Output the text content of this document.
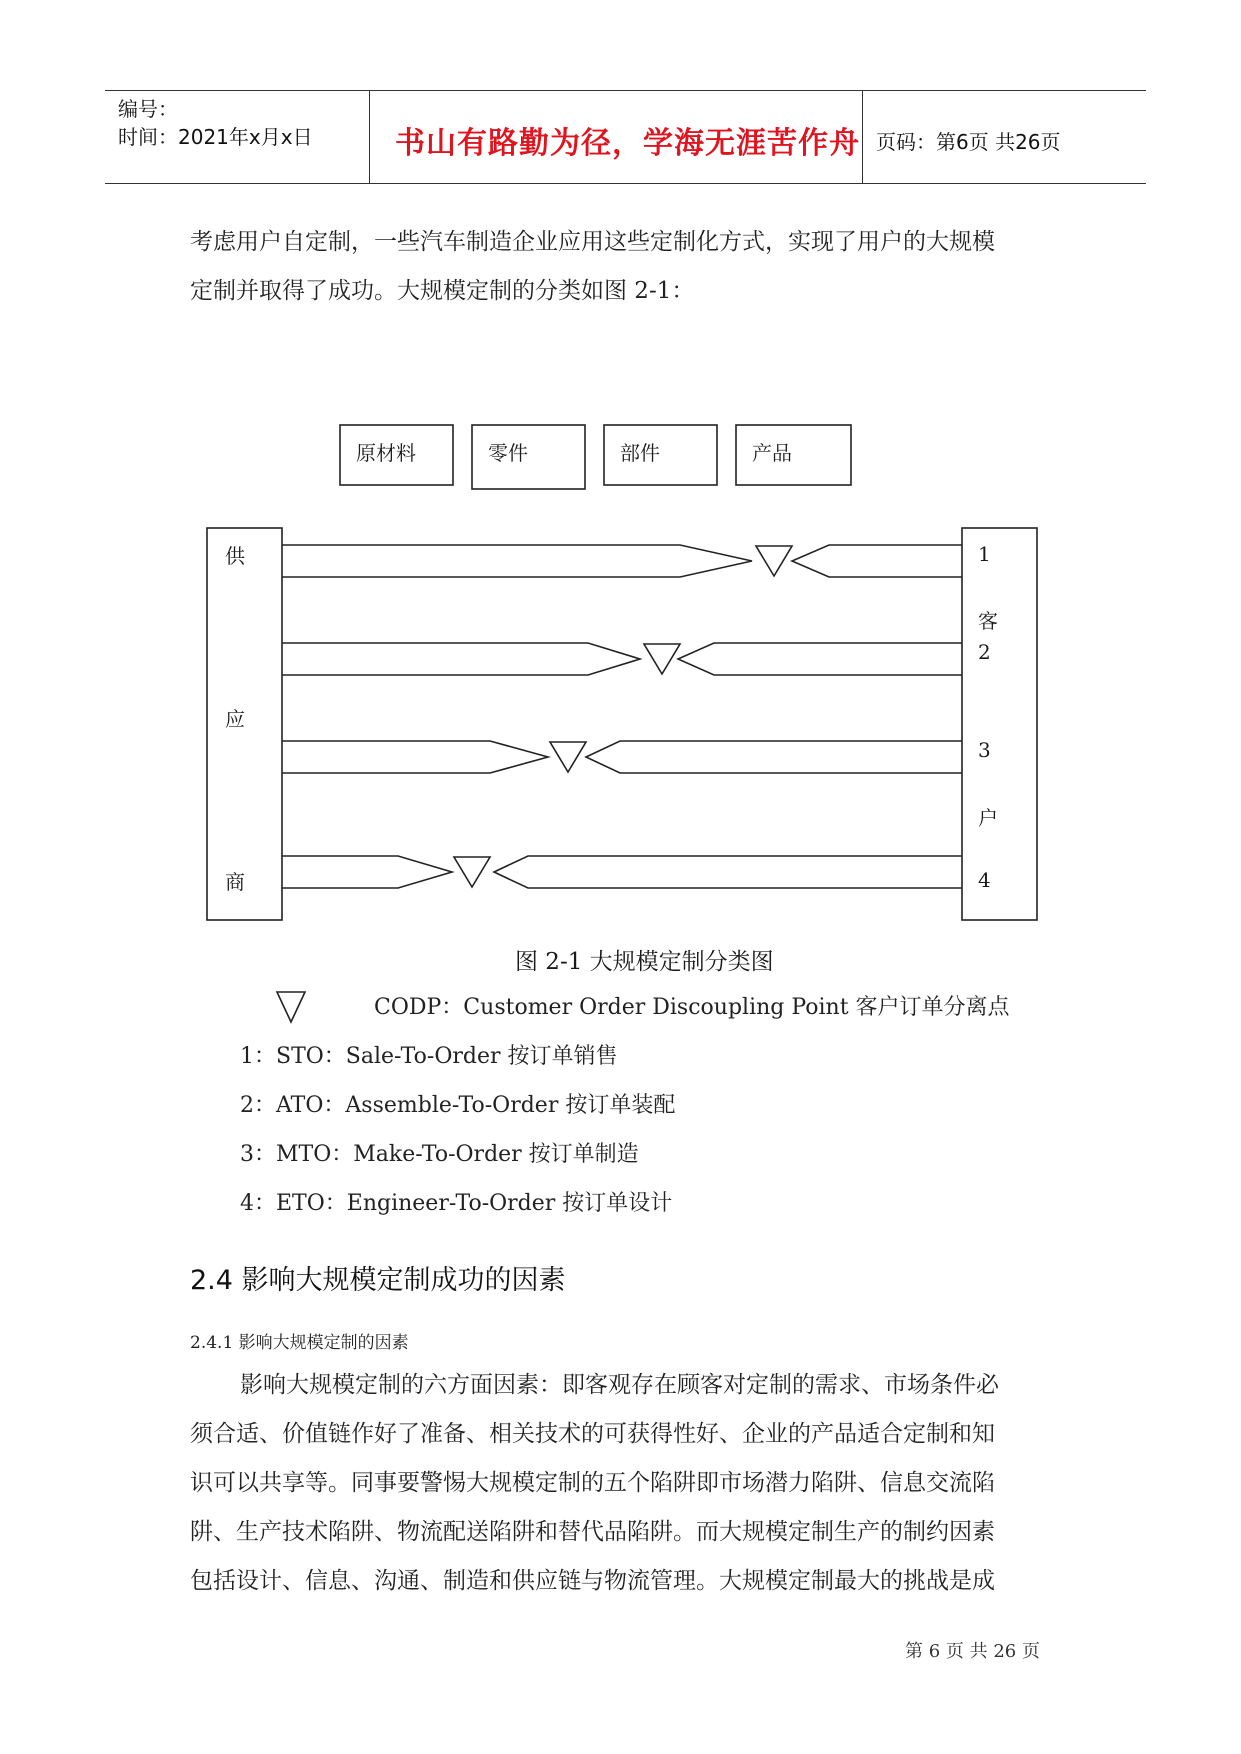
编号：
时间：2021年x月x日	书山有路勤为径，学海无涯苦作舟 页码：第6页 共26页
考虑用户自定制，一些汽车制造企业应用这些定制化方式，实现了用户的大规模
定制并取得了成功。大规模定制的分类如图 2-1：
原材料	零件	部件	产品
供
应
商
1
客
2
3
户
4
图 2-1 大规模定制分类图
CODP：Customer Order Discoupling Point 客户订单分离点
1：STO：Sale-To-Order 按订单销售
2：ATO：Assemble-To-Order 按订单装配
3：MTO：Make-To-Order 按订单制造
4：ETO：Engineer-To-Order 按订单设计
2.4 影响大规模定制成功的因素
2.4.1 影响大规模定制的因素
影响大规模定制的六方面因素：即客观存在顾客对定制的需求、市场条件必
须合适、价值链作好了准备、相关技术的可获得性好、企业的产品适合定制和知
识可以共享等。同事要警惕大规模定制的五个陷阱即市场潜力陷阱、信息交流陷
阱、生产技术陷阱、物流配送陷阱和替代品陷阱。而大规模定制生产的制约因素
包括设计、信息、沟通、制造和供应链与物流管理。大规模定制最大的挑战是成
第 6 页 共 26 页
